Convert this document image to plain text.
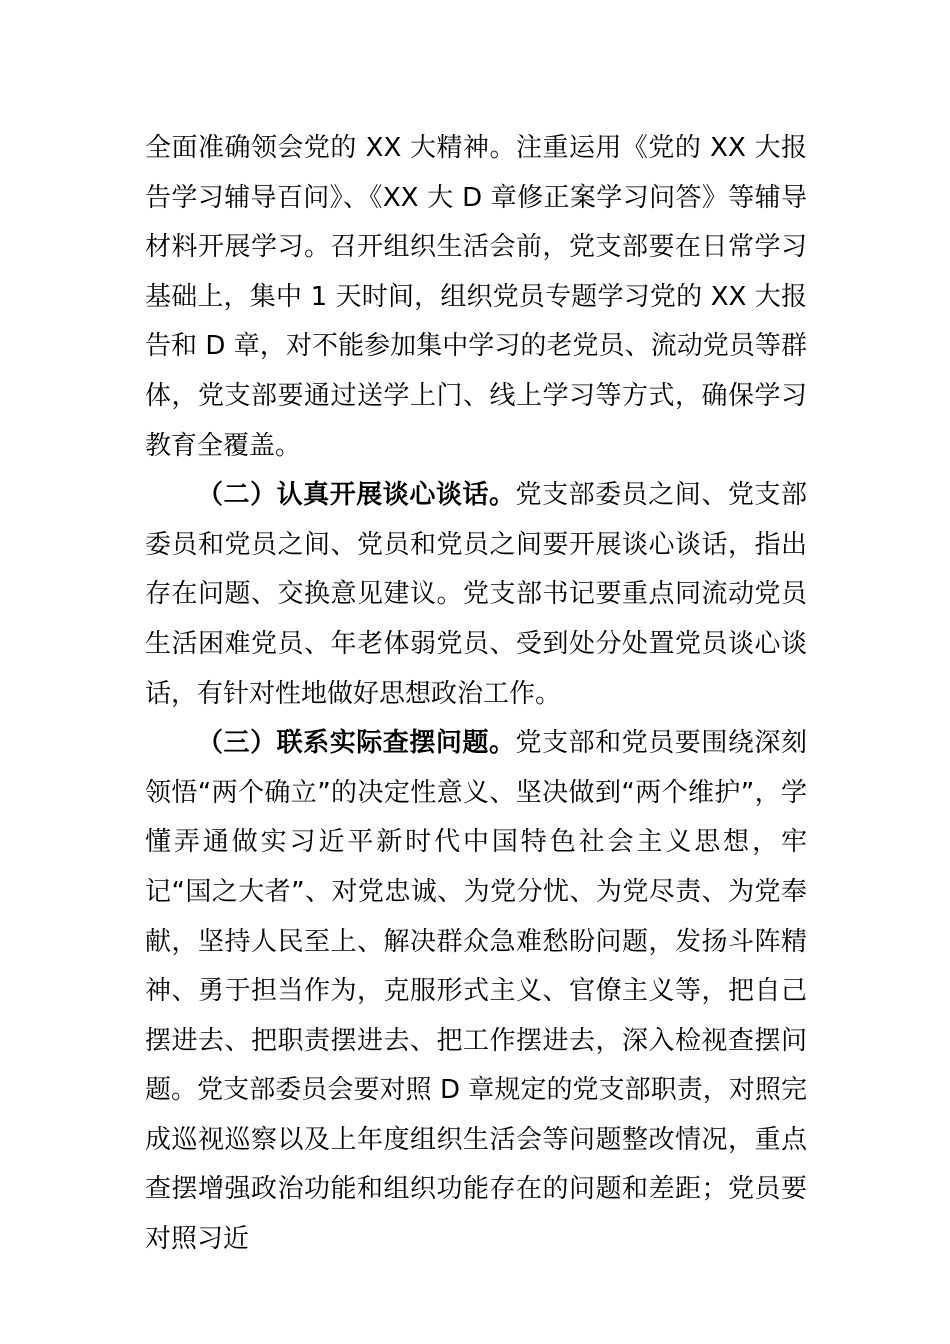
全面准确领会党的 XX 大精神。注重运用《党的 XX 大报告学习辅导百问》、《XX 大 D 章修正案学习问答》等辅导材料开展学习。召开组织生活会前，党支部要在日常学习基础上，集中 1 天时间，组织党员专题学习党的 XX 大报告和 D 章，对不能参加集中学习的老党员、流动党员等群体，党支部要通过送学上门、线上学习等方式，确保学习教育全覆盖。

（二）认真开展谈心谈话。党支部委员之间、党支部委员和党员之间、党员和党员之间要开展谈心谈话，指出存在问题、交换意见建议。党支部书记要重点同流动党员生活困难党员、年老体弱党员、受到处分处置党员谈心谈话，有针对性地做好思想政治工作。

（三）联系实际查摆问题。党支部和党员要围绕深刻领悟“两个确立”的决定性意义、坚决做到“两个维护”，学懂弄通做实习近平新时代中国特色社会主义思想，牢记“国之大者”、对党忠诚、为党分忧、为党尽责、为党奉献，坚持人民至上、解决群众急难愁盼问题，发扬斗阵精神、勇于担当作为，克服形式主义、官僚主义等，把自己摆进去、把职责摆进去、把工作摆进去，深入检视查摆问题。党支部委员会要对照 D 章规定的党支部职责，对照完成巡视巡察以及上年度组织生活会等问题整改情况，重点查摆增强政治功能和组织功能存在的问题和差距；党员要对照习近
